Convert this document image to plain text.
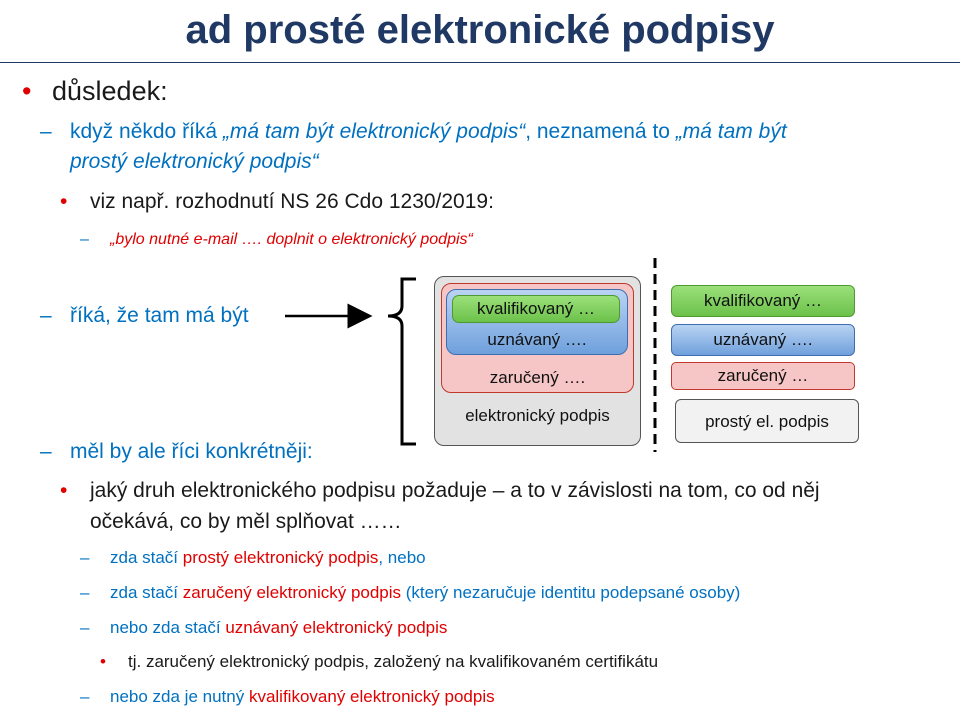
ad prosté elektronické podpisy
• důsledek:
– když někdo říká „má tam být elektronický podpis“, neznamená to „má tam být
prostý elektronický podpis“
• viz např. rozhodnutí NS 26 Cdo 1230/2019:
– „bylo nutné e-mail …. doplnit o elektronický podpis“
– říká, že tam má být
elektronický podpis
zaručený ….
uznávaný ….
kvalifikovaný …	kvalifikovaný …
uznávaný ….
zaručený …
prostý el. podpis
– měl by ale říci konkrétněji:
• jaký druh elektronického podpisu požaduje – a to v závislosti na tom, co od něj
očekává, co by měl splňovat ……
– zda stačí prostý elektronický podpis, nebo
– zda stačí zaručený elektronický podpis (který nezaručuje identitu podepsané osoby)
– nebo zda stačí uznávaný elektronický podpis
• tj. zaručený elektronický podpis, založený na kvalifikovaném certifikátu
– nebo zda je nutný kvalifikovaný elektronický podpis
